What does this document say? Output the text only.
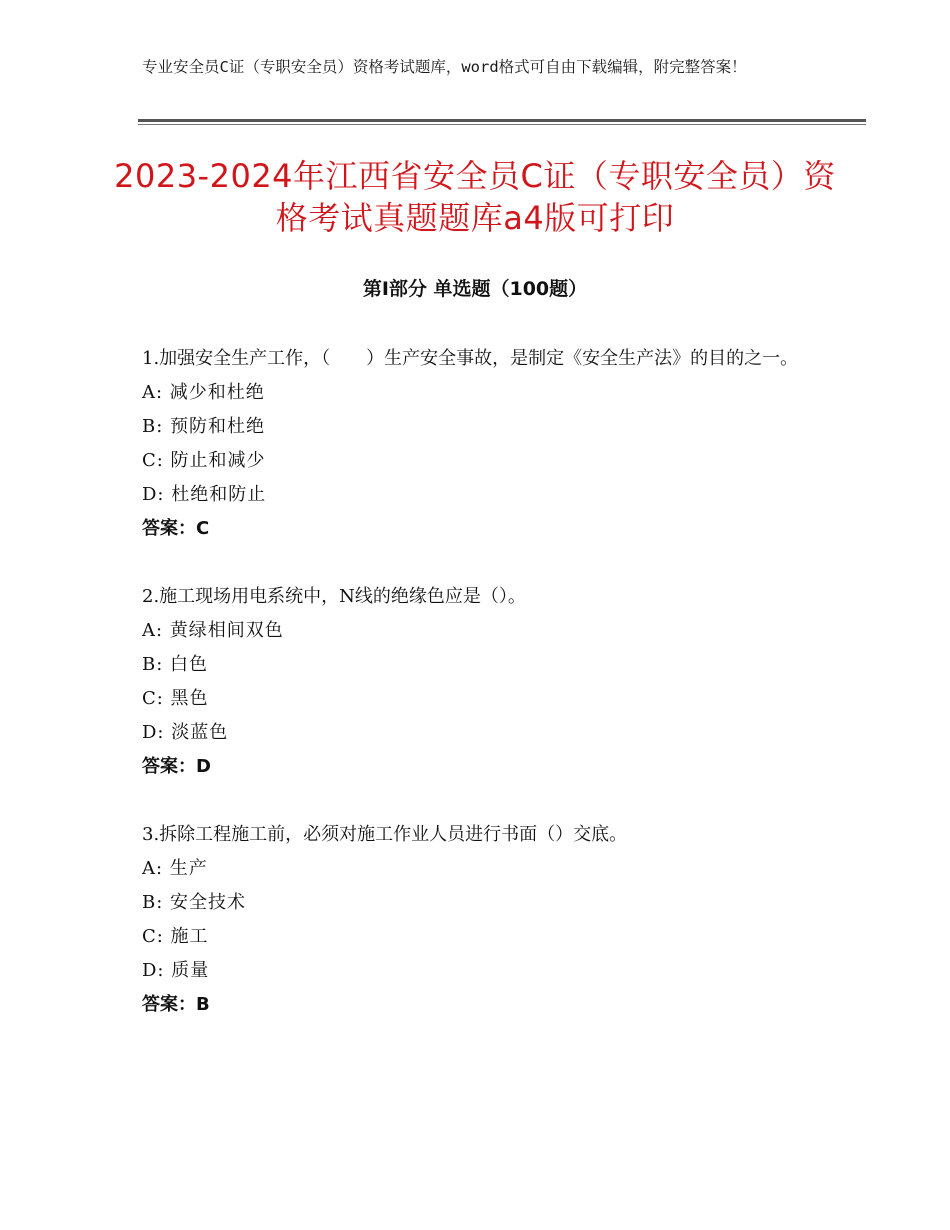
专业安全员C证（专职安全员）资格考试题库，word格式可自由下载编辑，附完整答案！
2023-2024年江西省安全员C证（专职安全员）资格考试真题题库a4版可打印
第Ⅰ部分 单选题（100题）
1.加强安全生产工作，（　　）生产安全事故，是制定《安全生产法》的目的之一。
A: 减少和杜绝
B: 预防和杜绝
C: 防止和减少
D: 杜绝和防止
答案：C
2.施工现场用电系统中，N线的绝缘色应是（）。
A: 黄绿相间双色
B: 白色
C: 黑色
D: 淡蓝色
答案：D
3.拆除工程施工前，必须对施工作业人员进行书面（）交底。
A: 生产
B: 安全技术
C: 施工
D: 质量
答案：B
